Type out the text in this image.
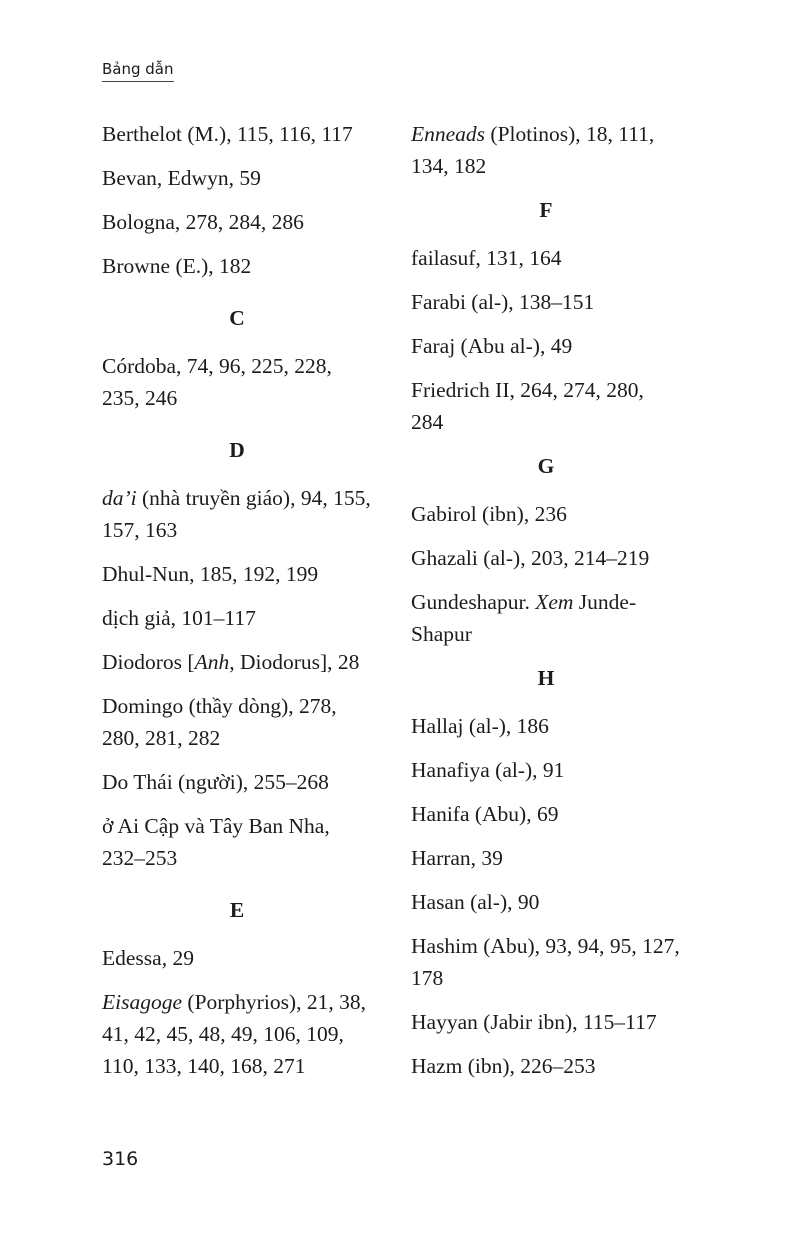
Bảng dẫn
Berthelot (M.), 115, 116, 117
Bevan, Edwyn, 59
Bologna, 278, 284, 286
Browne (E.), 182
C
Córdoba, 74, 96, 225, 228, 235, 246
D
da’i (nhà truyền giáo), 94, 155, 157, 163
Dhul-Nun, 185, 192, 199
dịch giả, 101–117
Diodoros [Anh, Diodorus], 28
Domingo (thầy dòng), 278, 280, 281, 282
Do Thái (người), 255–268
ở Ai Cập và Tây Ban Nha, 232–253
E
Edessa, 29
Eisagoge (Porphyrios), 21, 38, 41, 42, 45, 48, 49, 106, 109, 110, 133, 140, 168, 271
Enneads (Plotinos), 18, 111, 134, 182
F
failasuf, 131, 164
Farabi (al-), 138–151
Faraj (Abu al-), 49
Friedrich II, 264, 274, 280, 284
G
Gabirol (ibn), 236
Ghazali (al-), 203, 214–219
Gundeshapur. Xem Junde-Shapur
H
Hallaj (al-), 186
Hanafiya (al-), 91
Hanifa (Abu), 69
Harran, 39
Hasan (al-), 90
Hashim (Abu), 93, 94, 95, 127, 178
Hayyan (Jabir ibn), 115–117
Hazm (ibn), 226–253
316
